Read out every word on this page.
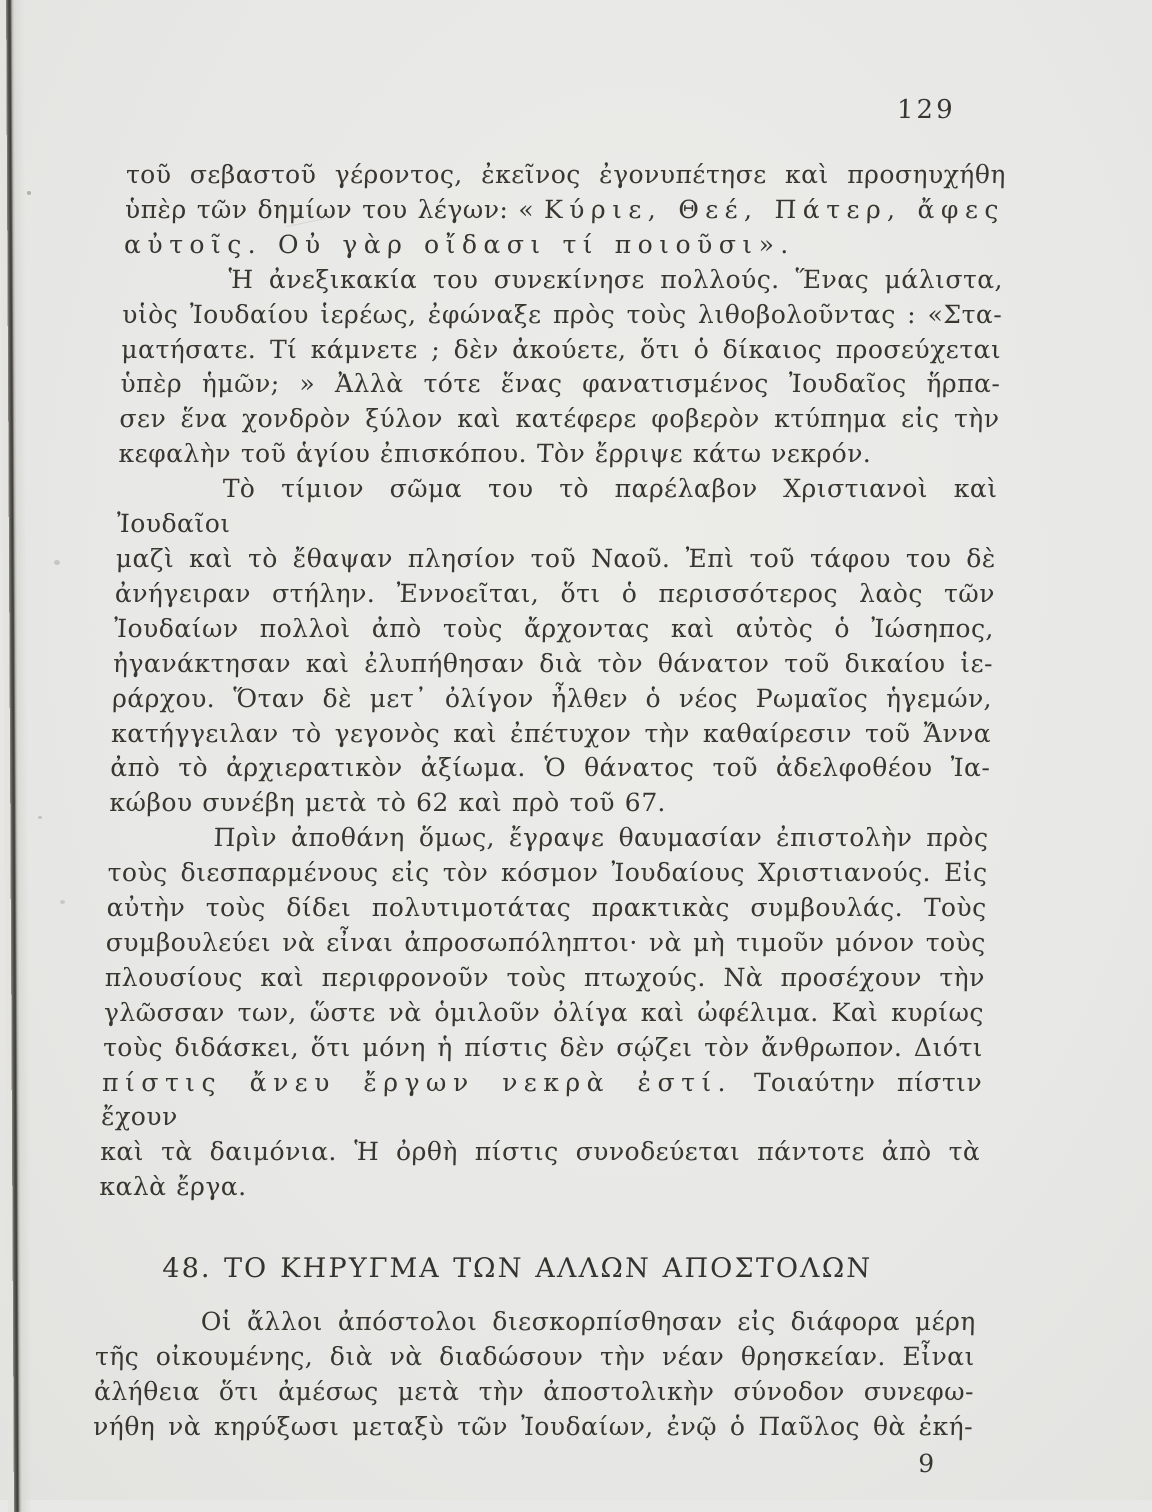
129
τοῦ σεβαστοῦ γέροντος, ἐκεῖνος ἐγονυπέτησε καὶ προσηυχήθη
ὑπὲρ τῶν δημίων του λέγων: « Κύριε, Θεέ, Πάτερ, ἄφες
αὐτοῖς. Οὐ γὰρ οἴδασι τί ποιοῦσι».
Ἡ ἀνεξικακία του συνεκίνησε πολλούς. Ἕνας μάλιστα,
υἱὸς Ἰουδαίου ἱερέως, ἐφώναξε πρὸς τοὺς λιθοβολοῦντας : «Στα-
ματήσατε. Τί κάμνετε ; δὲν ἀκούετε, ὅτι ὁ δίκαιος προσεύχεται
ὑπὲρ ἡμῶν; » Ἀλλὰ τότε ἕνας φανατισμένος Ἰουδαῖος ἥρπα-
σεν ἕνα χονδρὸν ξύλον καὶ κατέφερε φοβερὸν κτύπημα εἰς τὴν
κεφαλὴν τοῦ ἁγίου ἐπισκόπου. Τὸν ἔρριψε κάτω νεκρόν.
Τὸ τίμιον σῶμα του τὸ παρέλαβον Χριστιανοὶ καὶ Ἰουδαῖοι
μαζὶ καὶ τὸ ἔθαψαν πλησίον τοῦ Ναοῦ. Ἐπὶ τοῦ τάφου του δὲ
ἀνήγειραν στήλην. Ἐννοεῖται, ὅτι ὁ περισσότερος λαὸς τῶν
Ἰουδαίων πολλοὶ ἀπὸ τοὺς ἄρχοντας καὶ αὐτὸς ὁ Ἰώσηπος,
ἠγανάκτησαν καὶ ἐλυπήθησαν διὰ τὸν θάνατον τοῦ δικαίου ἱε-
ράρχου. Ὅταν δὲ μετ᾽ ὀλίγον ἦλθεν ὁ νέος Ρωμαῖος ἡγεμών,
κατήγγειλαν τὸ γεγονὸς καὶ ἐπέτυχον τὴν καθαίρεσιν τοῦ Ἄννα
ἀπὸ τὸ ἀρχιερατικὸν ἀξίωμα. Ὁ θάνατος τοῦ ἀδελφοθέου Ἰα-
κώβου συνέβη μετὰ τὸ 62 καὶ πρὸ τοῦ 67.
Πρὶν ἀποθάνη ὅμως, ἔγραψε θαυμασίαν ἐπιστολὴν πρὸς
τοὺς διεσπαρμένους εἰς τὸν κόσμον Ἰουδαίους Χριστιανούς. Εἰς
αὐτὴν τοὺς δίδει πολυτιμοτάτας πρακτικὰς συμβουλάς. Τοὺς
συμβουλεύει νὰ εἶναι ἀπροσωπόληπτοι· νὰ μὴ τιμοῦν μόνον τοὺς
πλουσίους καὶ περιφρονοῦν τοὺς πτωχούς. Νὰ προσέχουν τὴν
γλῶσσαν των, ὥστε νὰ ὁμιλοῦν ὀλίγα καὶ ὠφέλιμα. Καὶ κυρίως
τοὺς διδάσκει, ὅτι μόνη ἡ πίστις δὲν σῴζει τὸν ἄνθρωπον. Διότι
πίστις ἄνευ ἔργων νεκρὰ ἐστί. Τοιαύτην πίστιν ἔχουν
καὶ τὰ δαιμόνια. Ἡ ὀρθὴ πίστις συνοδεύεται πάντοτε ἀπὸ τὰ
καλὰ ἔργα.
48. ΤΟ ΚΗΡΥΓΜΑ ΤΩΝ ΑΛΛΩΝ ΑΠΟΣΤΟΛΩΝ
Οἱ ἄλλοι ἀπόστολοι διεσκορπίσθησαν εἰς διάφορα μέρη
τῆς οἰκουμένης, διὰ νὰ διαδώσουν τὴν νέαν θρησκείαν. Εἶναι
ἀλήθεια ὅτι ἀμέσως μετὰ τὴν ἀποστολικὴν σύνοδον συνεφω-
νήθη νὰ κηρύξωσι μεταξὺ τῶν Ἰουδαίων, ἐνῷ ὁ Παῦλος θὰ ἐκή-
9
